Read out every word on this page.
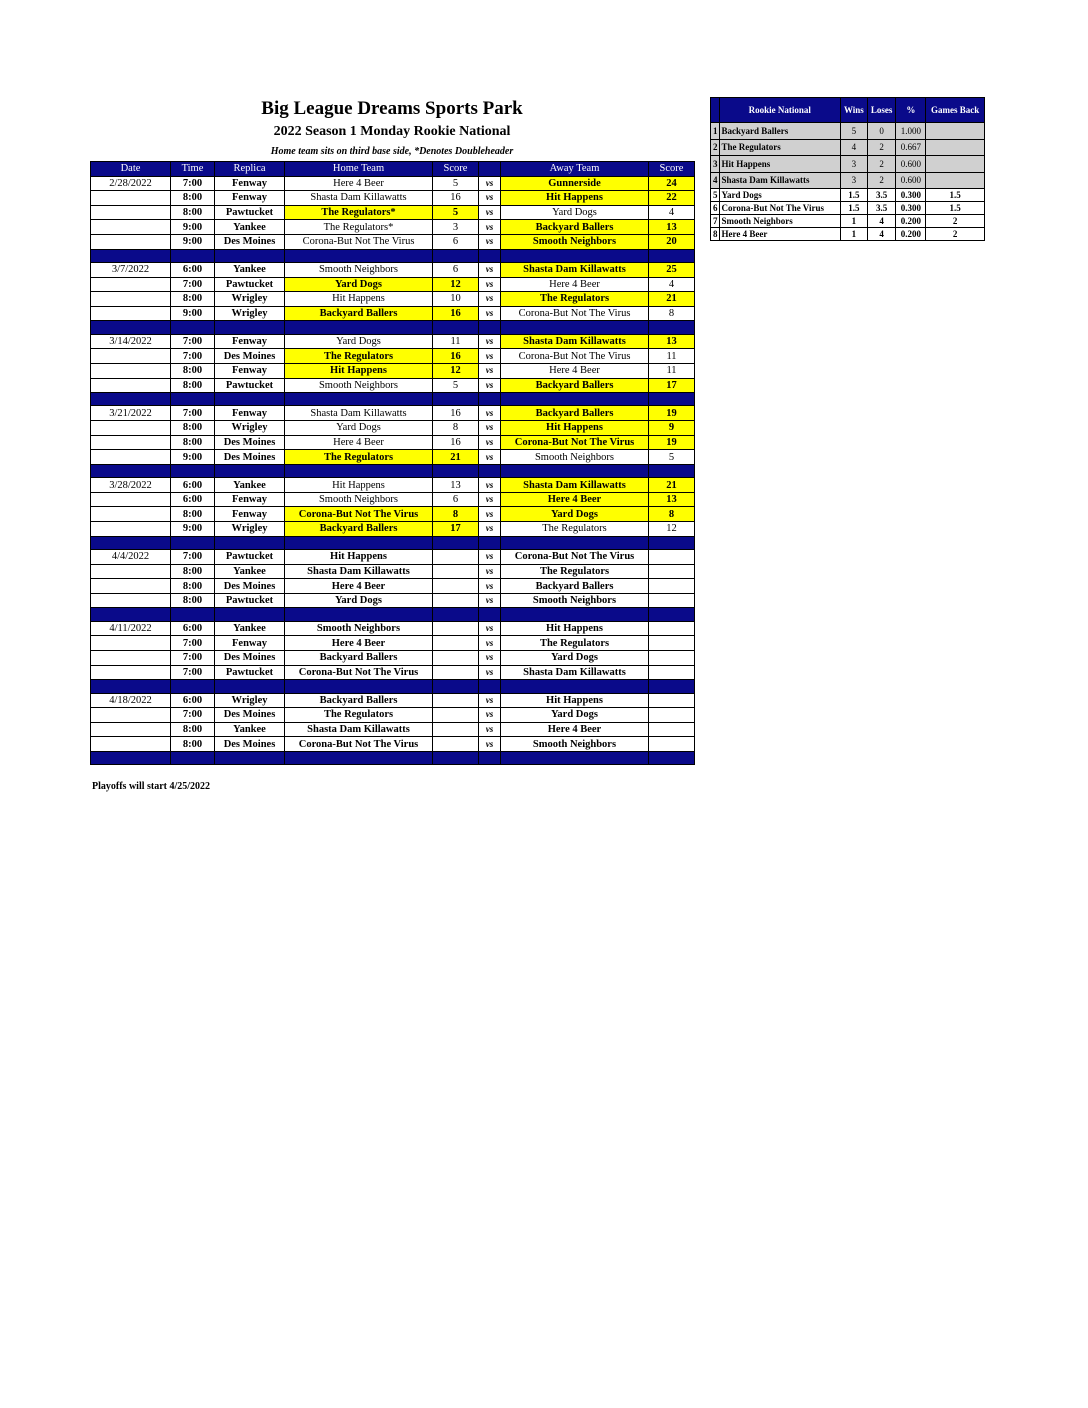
Big League Dreams Sports Park
2022 Season 1 Monday Rookie National
Home team sits on third base side, *Denotes Doubleheader
Date	Time	Replica	Home Team	Score		Away Team	Score
2/28/2022	7:00	Fenway	Here 4 Beer	5	vs	Gunnerside	24
	8:00	Fenway	Shasta Dam Killawatts	16	vs	Hit Happens	22
	8:00	Pawtucket	The Regulators*	5	vs	Yard Dogs	4
	9:00	Yankee	The Regulators*	3	vs	Backyard Ballers	13
	9:00	Des Moines	Corona-But Not The Virus	6	vs	Smooth Neighbors	20

3/7/2022	6:00	Yankee	Smooth Neighbors	6	vs	Shasta Dam Killawatts	25
	7:00	Pawtucket	Yard Dogs	12	vs	Here 4 Beer	4
	8:00	Wrigley	Hit Happens	10	vs	The Regulators	21
	9:00	Wrigley	Backyard Ballers	16	vs	Corona-But Not The Virus	8

3/14/2022	7:00	Fenway	Yard Dogs	11	vs	Shasta Dam Killawatts	13
	7:00	Des Moines	The Regulators	16	vs	Corona-But Not The Virus	11
	8:00	Fenway	Hit Happens	12	vs	Here 4 Beer	11
	8:00	Pawtucket	Smooth Neighbors	5	vs	Backyard Ballers	17

3/21/2022	7:00	Fenway	Shasta Dam Killawatts	16	vs	Backyard Ballers	19
	8:00	Wrigley	Yard Dogs	8	vs	Hit Happens	9
	8:00	Des Moines	Here 4 Beer	16	vs	Corona-But Not The Virus	19
	9:00	Des Moines	The Regulators	21	vs	Smooth Neighbors	5

3/28/2022	6:00	Yankee	Hit Happens	13	vs	Shasta Dam Killawatts	21
	6:00	Fenway	Smooth Neighbors	6	vs	Here 4 Beer	13
	8:00	Fenway	Corona-But Not The Virus	8	vs	Yard Dogs	8
	9:00	Wrigley	Backyard Ballers	17	vs	The Regulators	12

4/4/2022	7:00	Pawtucket	Hit Happens		vs	Corona-But Not The Virus	
	8:00	Yankee	Shasta Dam Killawatts		vs	The Regulators	
	8:00	Des Moines	Here 4 Beer		vs	Backyard Ballers	
	8:00	Pawtucket	Yard Dogs		vs	Smooth Neighbors	

4/11/2022	6:00	Yankee	Smooth Neighbors		vs	Hit Happens	
	7:00	Fenway	Here 4 Beer		vs	The Regulators	
	7:00	Des Moines	Backyard Ballers		vs	Yard Dogs	
	7:00	Pawtucket	Corona-But Not The Virus		vs	Shasta Dam Killawatts	

4/18/2022	6:00	Wrigley	Backyard Ballers		vs	Hit Happens	
	7:00	Des Moines	The Regulators		vs	Yard Dogs	
	8:00	Yankee	Shasta Dam Killawatts		vs	Here 4 Beer	
	8:00	Des Moines	Corona-But Not The Virus		vs	Smooth Neighbors	

	Rookie National	Wins	Loses	%	Games Back
1	Backyard Ballers	5	0	1.000	
2	The Regulators	4	2	0.667	
3	Hit Happens	3	2	0.600	
4	Shasta Dam Killawatts	3	2	0.600	
5	Yard Dogs	1.5	3.5	0.300	1.5
6	Corona-But Not The Virus	1.5	3.5	0.300	1.5
7	Smooth Neighbors	1	4	0.200	2
8	Here 4 Beer	1	4	0.200	2
Playoffs will start 4/25/2022
